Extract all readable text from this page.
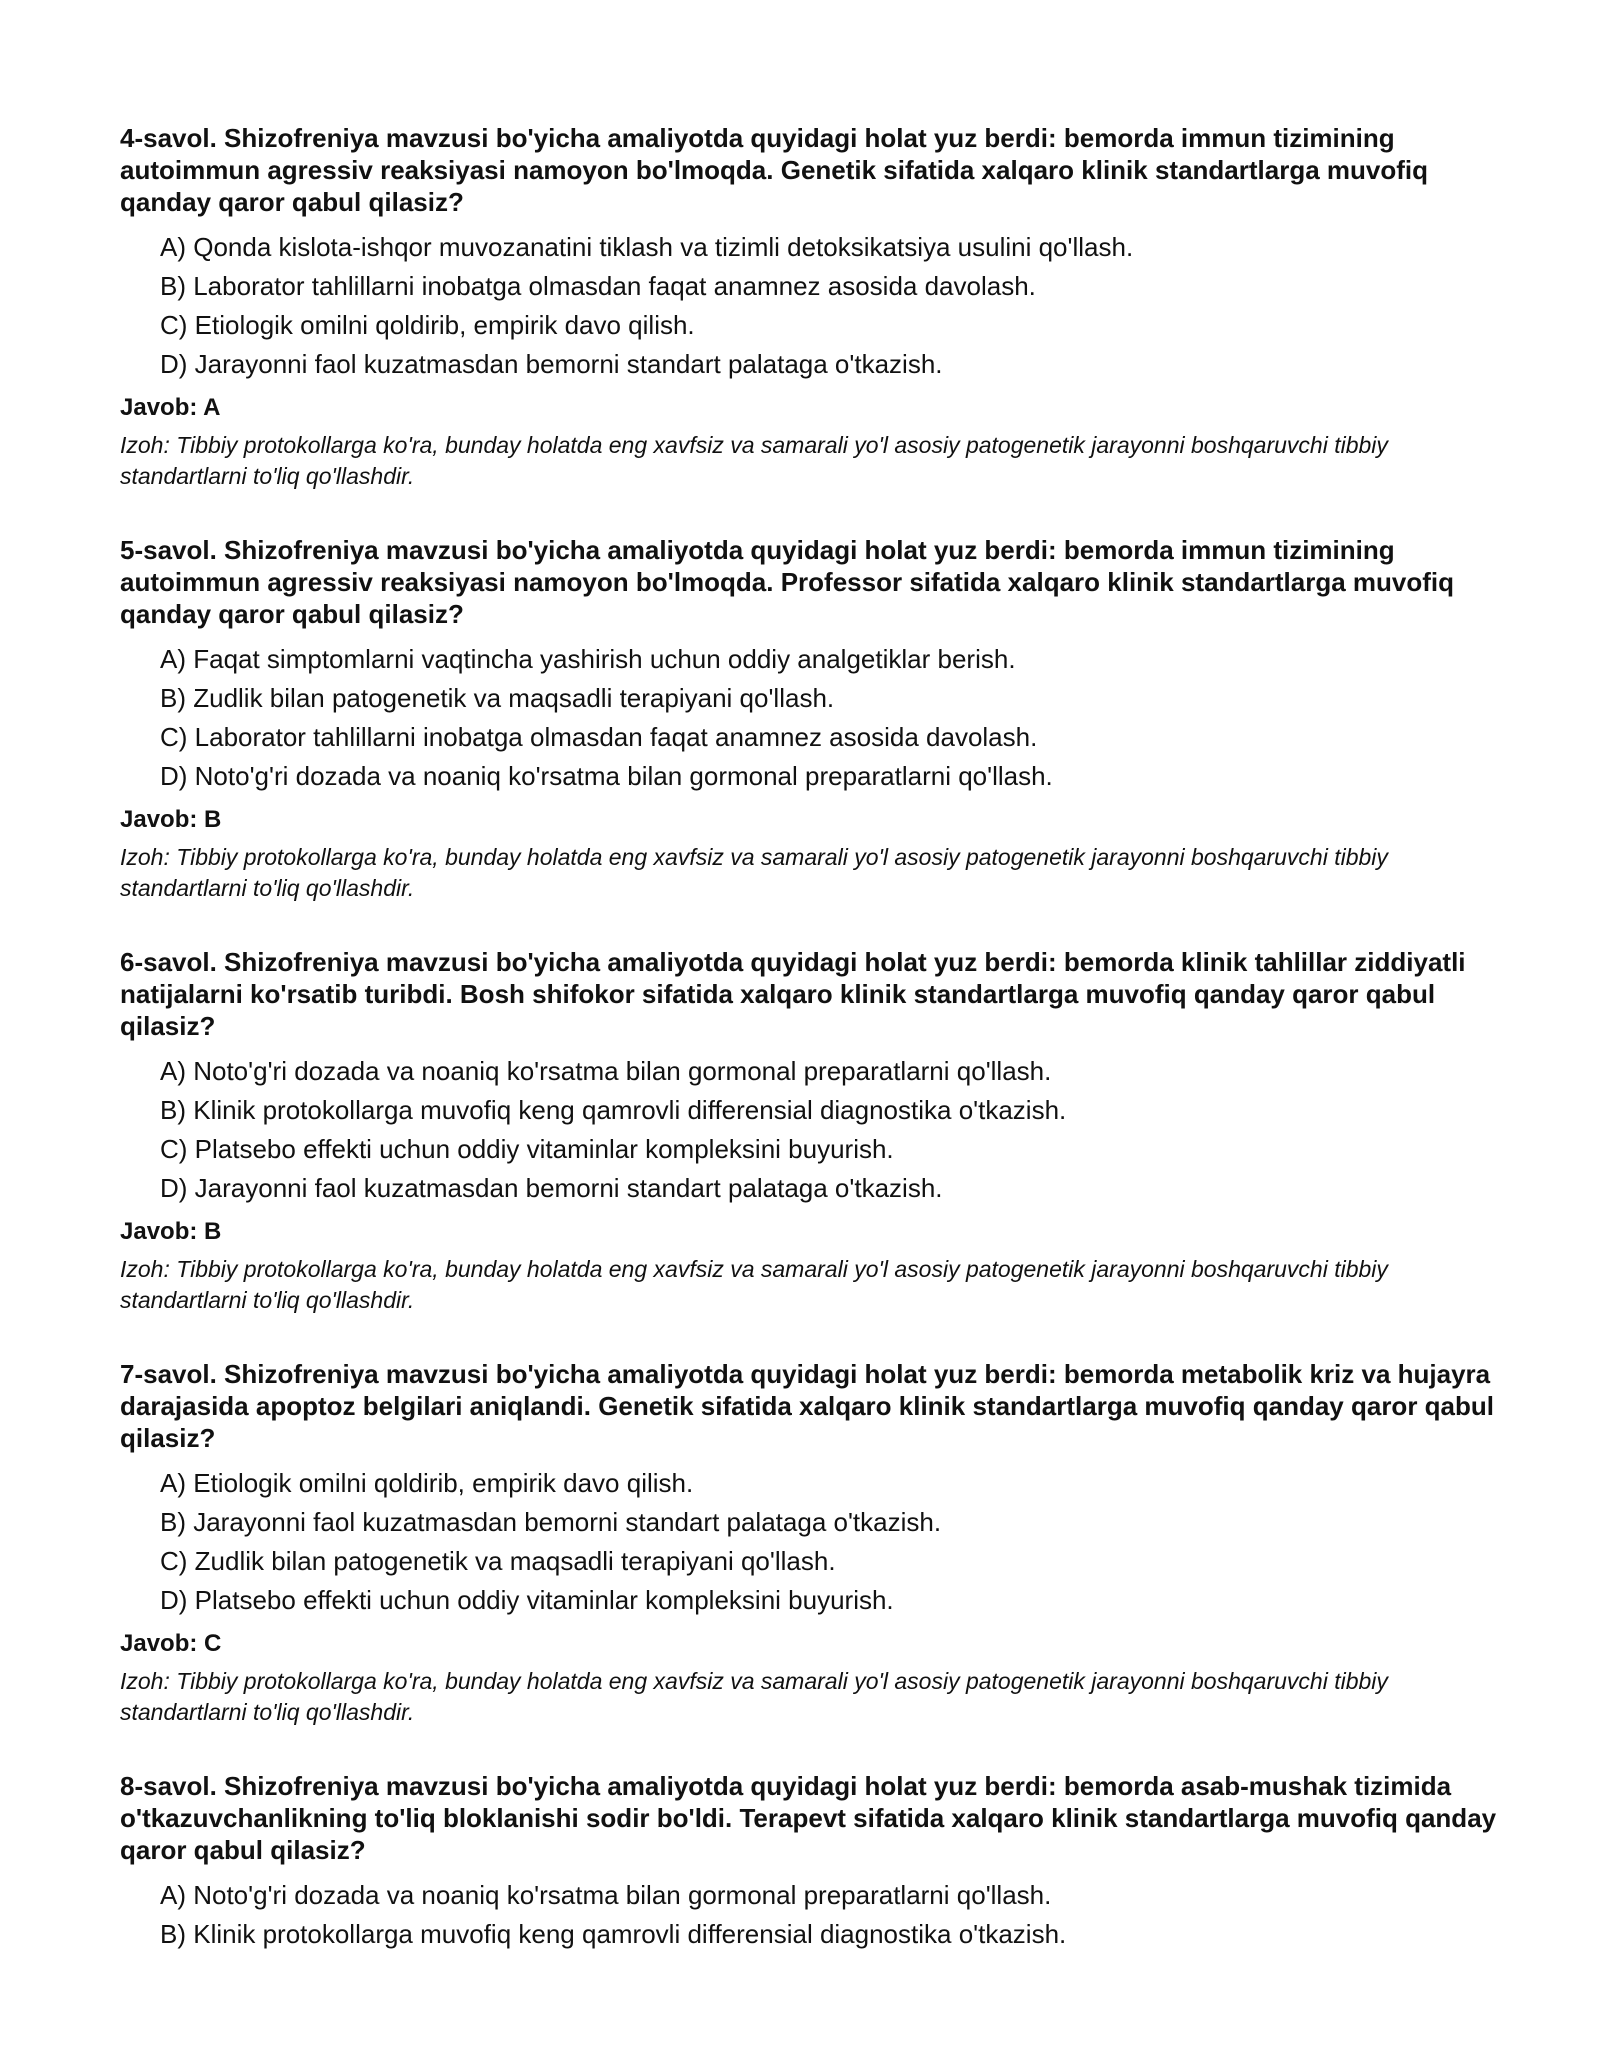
4-savol. Shizofreniya mavzusi bo'yicha amaliyotda quyidagi holat yuz berdi: bemorda immun tizimining autoimmun agressiv reaksiyasi namoyon bo'lmoqda. Genetik sifatida xalqaro klinik standartlarga muvofiq qanday qaror qabul qilasiz?

A) Qonda kislota-ishqor muvozanatini tiklash va tizimli detoksikatsiya usulini qo'llash.
B) Laborator tahlillarni inobatga olmasdan faqat anamnez asosida davolash.
C) Etiologik omilni qoldirib, empirik davo qilish.
D) Jarayonni faol kuzatmasdan bemorni standart palataga o'tkazish.

Javob: A

Izoh: Tibbiy protokollarga ko'ra, bunday holatda eng xavfsiz va samarali yo'l asosiy patogenetik jarayonni boshqaruvchi tibbiy standartlarni to'liq qo'llashdir.

5-savol. Shizofreniya mavzusi bo'yicha amaliyotda quyidagi holat yuz berdi: bemorda immun tizimining autoimmun agressiv reaksiyasi namoyon bo'lmoqda. Professor sifatida xalqaro klinik standartlarga muvofiq qanday qaror qabul qilasiz?

A) Faqat simptomlarni vaqtincha yashirish uchun oddiy analgetiklar berish.
B) Zudlik bilan patogenetik va maqsadli terapiyani qo'llash.
C) Laborator tahlillarni inobatga olmasdan faqat anamnez asosida davolash.
D) Noto'g'ri dozada va noaniq ko'rsatma bilan gormonal preparatlarni qo'llash.

Javob: B

Izoh: Tibbiy protokollarga ko'ra, bunday holatda eng xavfsiz va samarali yo'l asosiy patogenetik jarayonni boshqaruvchi tibbiy standartlarni to'liq qo'llashdir.

6-savol. Shizofreniya mavzusi bo'yicha amaliyotda quyidagi holat yuz berdi: bemorda klinik tahlillar ziddiyatli natijalarni ko'rsatib turibdi. Bosh shifokor sifatida xalqaro klinik standartlarga muvofiq qanday qaror qabul qilasiz?

A) Noto'g'ri dozada va noaniq ko'rsatma bilan gormonal preparatlarni qo'llash.
B) Klinik protokollarga muvofiq keng qamrovli differensial diagnostika o'tkazish.
C) Platsebo effekti uchun oddiy vitaminlar kompleksini buyurish.
D) Jarayonni faol kuzatmasdan bemorni standart palataga o'tkazish.

Javob: B

Izoh: Tibbiy protokollarga ko'ra, bunday holatda eng xavfsiz va samarali yo'l asosiy patogenetik jarayonni boshqaruvchi tibbiy standartlarni to'liq qo'llashdir.

7-savol. Shizofreniya mavzusi bo'yicha amaliyotda quyidagi holat yuz berdi: bemorda metabolik kriz va hujayra darajasida apoptoz belgilari aniqlandi. Genetik sifatida xalqaro klinik standartlarga muvofiq qanday qaror qabul qilasiz?

A) Etiologik omilni qoldirib, empirik davo qilish.
B) Jarayonni faol kuzatmasdan bemorni standart palataga o'tkazish.
C) Zudlik bilan patogenetik va maqsadli terapiyani qo'llash.
D) Platsebo effekti uchun oddiy vitaminlar kompleksini buyurish.

Javob: C

Izoh: Tibbiy protokollarga ko'ra, bunday holatda eng xavfsiz va samarali yo'l asosiy patogenetik jarayonni boshqaruvchi tibbiy standartlarni to'liq qo'llashdir.

8-savol. Shizofreniya mavzusi bo'yicha amaliyotda quyidagi holat yuz berdi: bemorda asab-mushak tizimida o'tkazuvchanlikning to'liq bloklanishi sodir bo'ldi. Terapevt sifatida xalqaro klinik standartlarga muvofiq qanday qaror qabul qilasiz?

A) Noto'g'ri dozada va noaniq ko'rsatma bilan gormonal preparatlarni qo'llash.
B) Klinik protokollarga muvofiq keng qamrovli differensial diagnostika o'tkazish.
